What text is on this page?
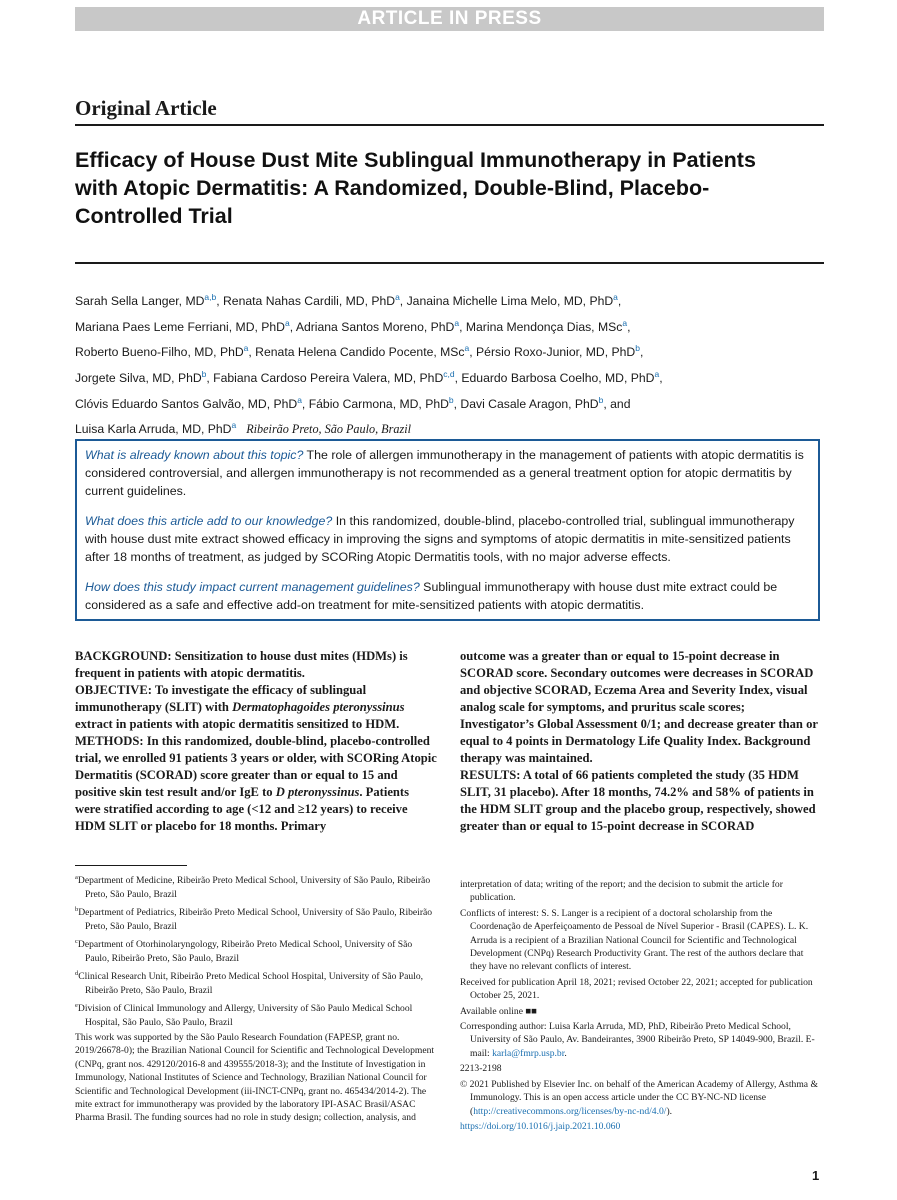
ARTICLE IN PRESS
Original Article
Efficacy of House Dust Mite Sublingual Immunotherapy in Patients with Atopic Dermatitis: A Randomized, Double-Blind, Placebo-Controlled Trial
Sarah Sella Langer, MD$^{a,b}$, Renata Nahas Cardili, MD, PhD$^a$, Janaina Michelle Lima Melo, MD, PhD$^a$,
Mariana Paes Leme Ferriani, MD, PhD$^a$, Adriana Santos Moreno, PhD$^a$, Marina Mendonça Dias, MSc$^a$,
Roberto Bueno-Filho, MD, PhD$^a$, Renata Helena Candido Pocente, MSc$^a$, Pérsio Roxo-Junior, MD, PhD$^b$,
Jorgete Silva, MD, PhD$^b$, Fabiana Cardoso Pereira Valera, MD, PhD$^{c,d}$, Eduardo Barbosa Coelho, MD, PhD$^a$,
Clóvis Eduardo Santos Galvão, MD, PhD$^a$, Fábio Carmona, MD, PhD$^b$, Davi Casale Aragon, PhD$^b$, and
Luisa Karla Arruda, MD, PhD$^a$ Ribeirão Preto, São Paulo, Brazil

What is already known about this topic? The role of allergen immunotherapy in the management of patients with atopic dermatitis is considered controversial, and allergen immunotherapy is not recommended as a general treatment option for atopic dermatitis by current guidelines.

What does this article add to our knowledge? In this randomized, double-blind, placebo-controlled trial, sublingual immunotherapy with house dust mite extract showed efficacy in improving the signs and symptoms of atopic dermatitis in mite-sensitized patients after 18 months of treatment, as judged by SCORing Atopic Dermatitis tools, with no major adverse effects.

How does this study impact current management guidelines? Sublingual immunotherapy with house dust mite extract could be considered as a safe and effective add-on treatment for mite-sensitized patients with atopic dermatitis.

BACKGROUND: Sensitization to house dust mites (HDMs) is frequent in patients with atopic dermatitis.

OBJECTIVE: To investigate the efficacy of sublingual immunotherapy (SLIT) with Dermatophagoides pteronyssinus extract in patients with atopic dermatitis sensitized to HDM.

METHODS: In this randomized, double-blind, placebo-controlled trial, we enrolled 91 patients 3 years or older, with SCORing Atopic Dermatitis (SCORAD) score greater than or equal to 15 and positive skin test result and/or IgE to D pteronyssinus. Patients were stratified according to age (<12 and ≥12 years) to receive HDM SLIT or placebo for 18 months. Primary

outcome was a greater than or equal to 15-point decrease in SCORAD score. Secondary outcomes were decreases in SCORAD and objective SCORAD, Eczema Area and Severity Index, visual analog scale for symptoms, and pruritus scale scores; Investigator’s Global Assessment 0/1; and decrease greater than or equal to 4 points in Dermatology Life Quality Index. Background therapy was maintained.

RESULTS: A total of 66 patients completed the study (35 HDM SLIT, 31 placebo). After 18 months, 74.2% and 58% of patients in the HDM SLIT group and the placebo group, respectively, showed greater than or equal to 15-point decrease in SCORAD

$^a$Department of Medicine, Ribeirão Preto Medical School, University of São Paulo, Ribeirão Preto, São Paulo, Brazil

$^b$Department of Pediatrics, Ribeirão Preto Medical School, University of São Paulo, Ribeirão Preto, São Paulo, Brazil

$^c$Department of Otorhinolaryngology, Ribeirão Preto Medical School, University of São Paulo, Ribeirão Preto, São Paulo, Brazil

$^d$Clinical Research Unit, Ribeirão Preto Medical School Hospital, University of São Paulo, Ribeirão Preto, São Paulo, Brazil

$^e$Division of Clinical Immunology and Allergy, University of São Paulo Medical School Hospital, São Paulo, São Paulo, Brazil

This work was supported by the São Paulo Research Foundation (FAPESP, grant no. 2019/26678-0); the Brazilian National Council for Scientific and Technological Development (CNPq, grant nos. 429120/2016-8 and 439555/2018-3); and the Institute of Investigation in Immunology, National Institutes of Science and Technology, Brazilian National Council for Scientific and Technological Development (iii-INCT-CNPq, grant no. 465434/2014-2). The mite extract for immunotherapy was provided by the laboratory IPI-ASAC Brasil/ASAC Pharma Brasil. The funding sources had no role in study design; collection, analysis, and

interpretation of data; writing of the report; and the decision to submit the article for publication.

Conflicts of interest: S. S. Langer is a recipient of a doctoral scholarship from the Coordenação de Aperfeiçoamento de Pessoal de Nível Superior - Brasil (CAPES). L. K. Arruda is a recipient of a Brazilian National Council for Scientific and Technological Development (CNPq) Research Productivity Grant. The rest of the authors declare that they have no relevant conflicts of interest.

Received for publication April 18, 2021; revised October 22, 2021; accepted for publication October 25, 2021.

Available online ■■

Corresponding author: Luisa Karla Arruda, MD, PhD, Ribeirão Preto Medical School, University of São Paulo, Av. Bandeirantes, 3900 Ribeirão Preto, SP 14049-900, Brazil. E-mail: karla@fmrp.usp.br.

2213-2198

© 2021 Published by Elsevier Inc. on behalf of the American Academy of Allergy, Asthma & Immunology. This is an open access article under the CC BY-NC-ND license (http://creativecommons.org/licenses/by-nc-nd/4.0/).

https://doi.org/10.1016/j.jaip.2021.10.060

1
